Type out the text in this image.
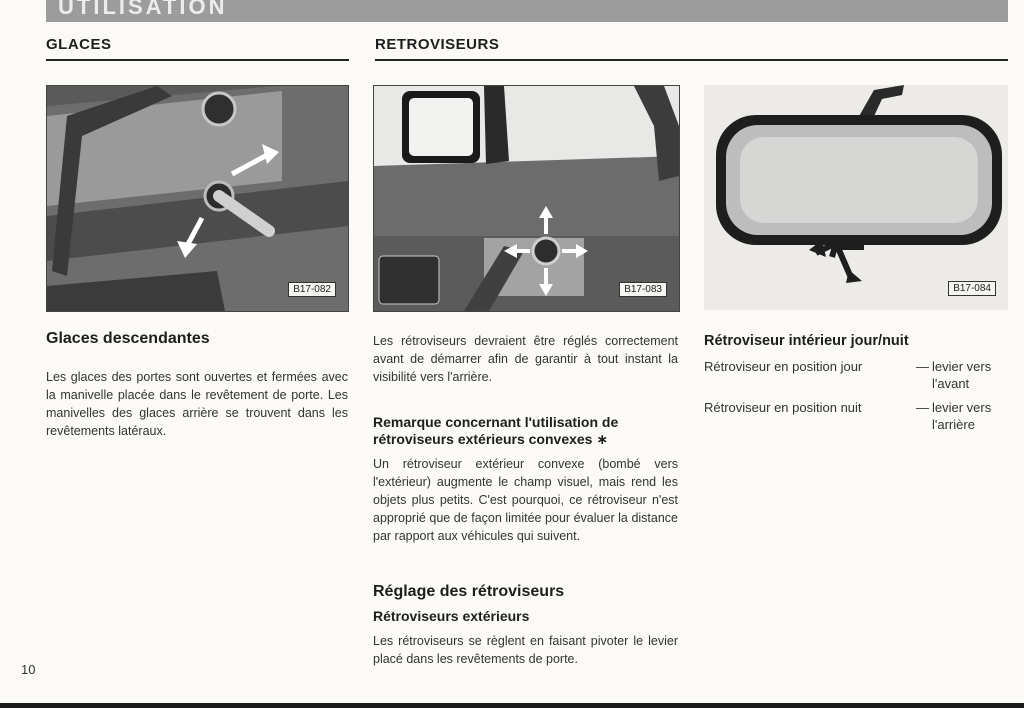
UTILISATION
GLACES	RETROVISEURS
B17-082	B17-083	B17-084
Glaces descendantes
Les glaces des portes sont ouvertes et fermées avec la manivelle placée dans le revêtement de porte. Les manivelles des glaces arrière se trouvent dans les revêtements latéraux.
Les rétroviseurs devraient être réglés correctement avant de démarrer afin de garantir à tout instant la visibilité vers l'arrière.
Remarque concernant l'utilisation de rétroviseurs extérieurs convexes ∗
Un rétroviseur extérieur convexe (bombé vers l'extérieur) augmente le champ visuel, mais rend les objets plus petits. C'est pourquoi, ce rétroviseur n'est approprié que de façon limitée pour évaluer la distance par rapport aux véhicules qui suivent.
Réglage des rétroviseurs
Rétroviseurs extérieurs
Les rétroviseurs se règlent en faisant pivoter le levier placé dans les revêtements de porte.
Rétroviseur intérieur jour/nuit
Rétroviseur en position jour	— levier vers l'avant
Rétroviseur en position nuit	— levier vers l'arrière
10
